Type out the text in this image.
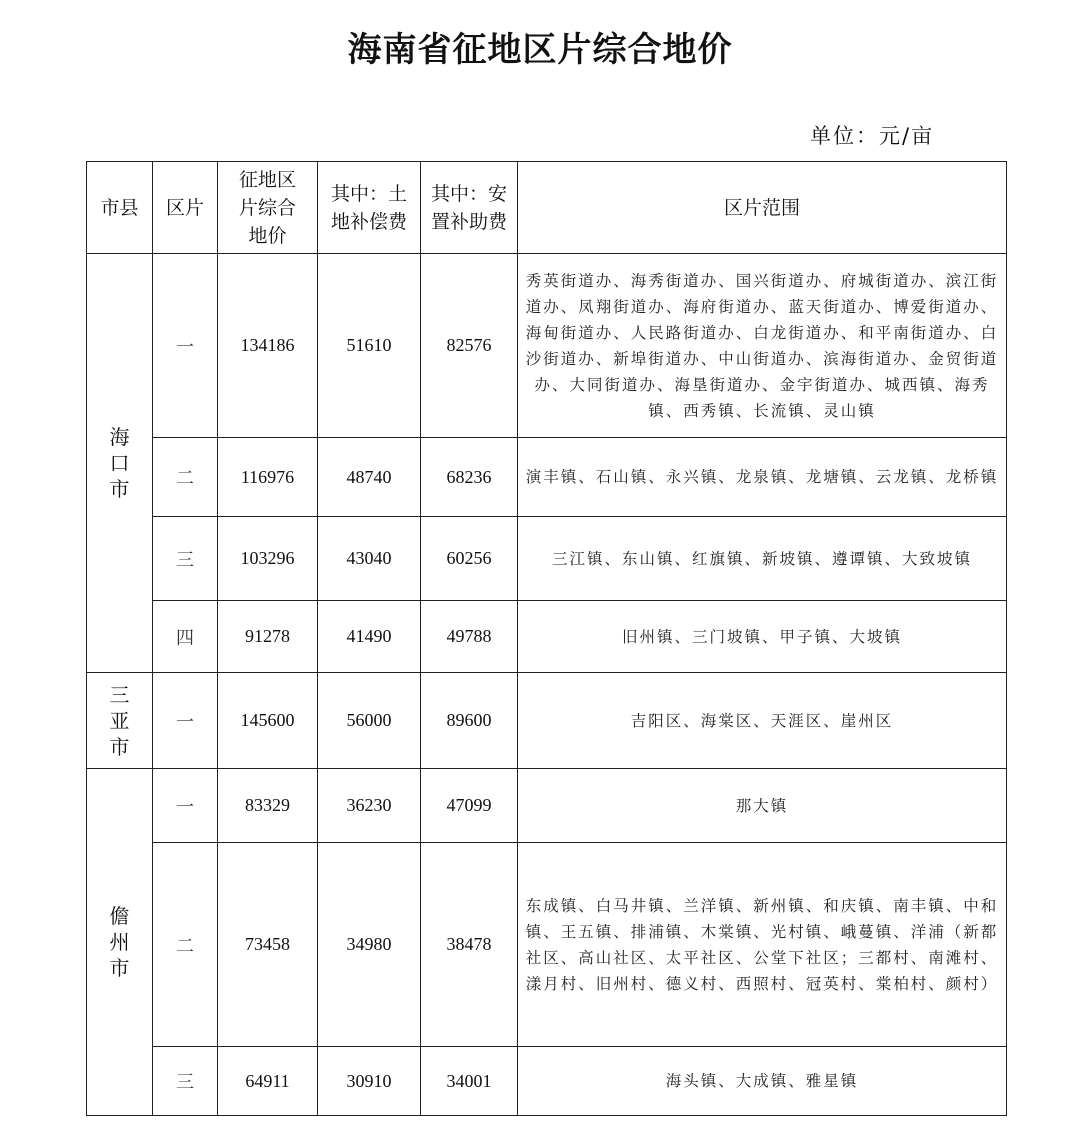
海南省征地区片综合地价
单位：元/亩
市县	区片	征地区片综合地价	其中：土地补偿费	其中：安置补助费	区片范围

海
口
市	一	134186	51610	82576	秀英街道办、海秀街道办、国兴街道办、府城街道办、滨江街道办、凤翔街道办、海府街道办、蓝天街道办、博爱街道办、海甸街道办、人民路街道办、白龙街道办、和平南街道办、白沙街道办、新埠街道办、中山街道办、滨海街道办、金贸街道办、大同街道办、海垦街道办、金宇街道办、城西镇、海秀镇、西秀镇、长流镇、灵山镇
	二	116976	48740	68236	演丰镇、石山镇、永兴镇、龙泉镇、龙塘镇、云龙镇、龙桥镇
	三	103296	43040	60256	三江镇、东山镇、红旗镇、新坡镇、遵谭镇、大致坡镇
	四	91278	41490	49788	旧州镇、三门坡镇、甲子镇、大坡镇

三
亚
市	一	145600	56000	89600	吉阳区、海棠区、天涯区、崖州区

儋
州
市	一	83329	36230	47099	那大镇
	二	73458	34980	38478	东成镇、白马井镇、兰洋镇、新州镇、和庆镇、南丰镇、中和镇、王五镇、排浦镇、木棠镇、光村镇、峨蔓镇、洋浦（新都社区、高山社区、太平社区、公堂下社区；三都村、南滩村、漾月村、旧州村、德义村、西照村、冠英村、棠柏村、颜村）
	三	64911	30910	34001	海头镇、大成镇、雅星镇
